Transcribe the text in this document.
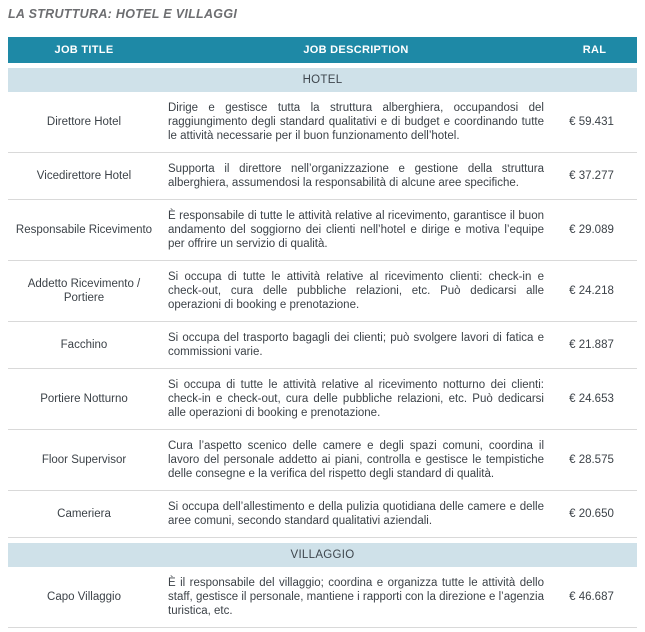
LA STRUTTURA: HOTEL E VILLAGGI
JOB TITLE	JOB DESCRIPTION	RAL
HOTEL
Direttore Hotel
Dirige e gestisce tutta la struttura alberghiera, occupandosi del raggiungimento degli standard qualitativi e di budget e coordinando tutte le attività necessarie per il buon funzionamento dell’hotel.
€ 59.431
Vicedirettore Hotel
Supporta il direttore nell’organizzazione e gestione della struttura alberghiera, assumendosi la responsabilità di alcune aree specifiche.
€ 37.277
Responsabile Ricevimento
È responsabile di tutte le attività relative al ricevimento, garantisce il buon andamento del soggiorno dei clienti nell’hotel e dirige e motiva l’equipe per offrire un servizio di qualità.
€ 29.089
Addetto Ricevimento / Portiere
Si occupa di tutte le attività relative al ricevimento clienti: check-in e check-out, cura delle pubbliche relazioni, etc. Può dedicarsi alle operazioni di booking e prenotazione.
€ 24.218
Facchino
Si occupa del trasporto bagagli dei clienti; può svolgere lavori di fatica e commissioni varie.
€ 21.887
Portiere Notturno
Si occupa di tutte le attività relative al ricevimento notturno dei clienti: check-in e check-out, cura delle pubbliche relazioni, etc. Può dedicarsi alle operazioni di booking e prenotazione.
€ 24.653
Floor Supervisor
Cura l’aspetto scenico delle camere e degli spazi comuni, coordina il lavoro del personale addetto ai piani, controlla e gestisce le tempistiche delle consegne e la verifica del rispetto degli standard di qualità.
€ 28.575
Cameriera
Si occupa dell’allestimento e della pulizia quotidiana delle camere e delle aree comuni, secondo standard qualitativi aziendali.
€ 20.650
VILLAGGIO
Capo Villaggio
È il responsabile del villaggio; coordina e organizza tutte le attività dello staff, gestisce il personale, mantiene i rapporti con la direzione e l’agenzia turistica, etc.
€ 46.687
